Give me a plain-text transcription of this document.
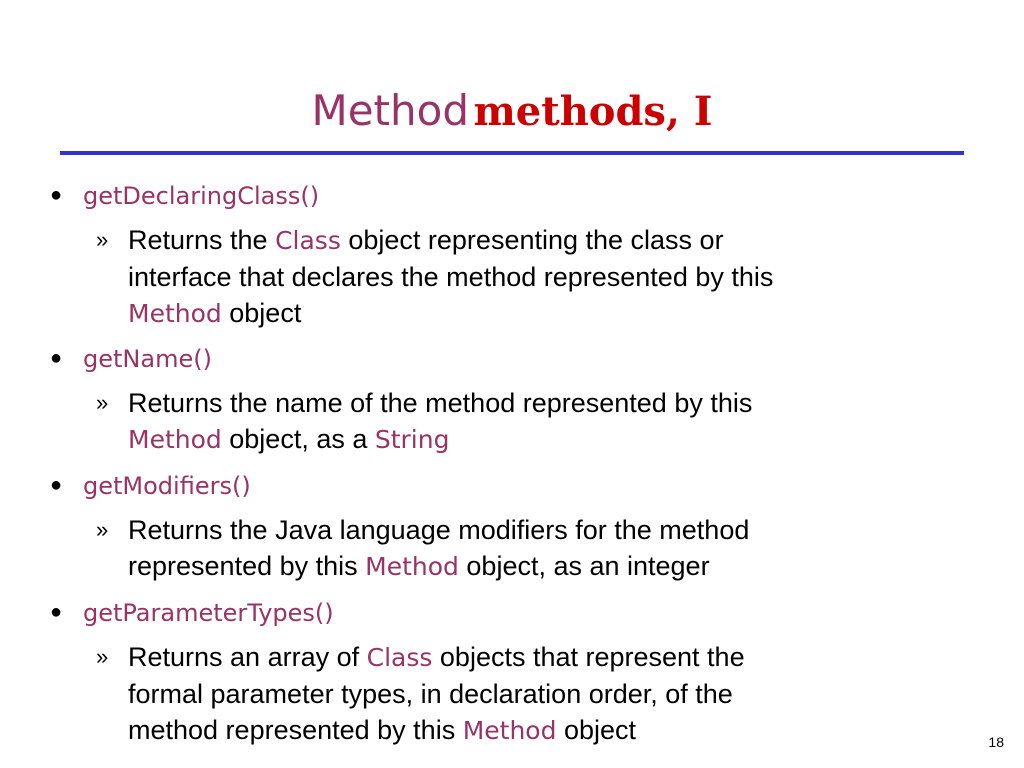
Method methods, I
● getDeclaringClass()
» Returns the Class object representing the class or
interface that declares the method represented by this
Method object
● getName()
» Returns the name of the method represented by this
Method object, as a String
● getModifiers()
» Returns the Java language modifiers for the method
represented by this Method object, as an integer
● getParameterTypes()
» Returns an array of Class objects that represent the
formal parameter types, in declaration order, of the
method represented by this Method object	18
